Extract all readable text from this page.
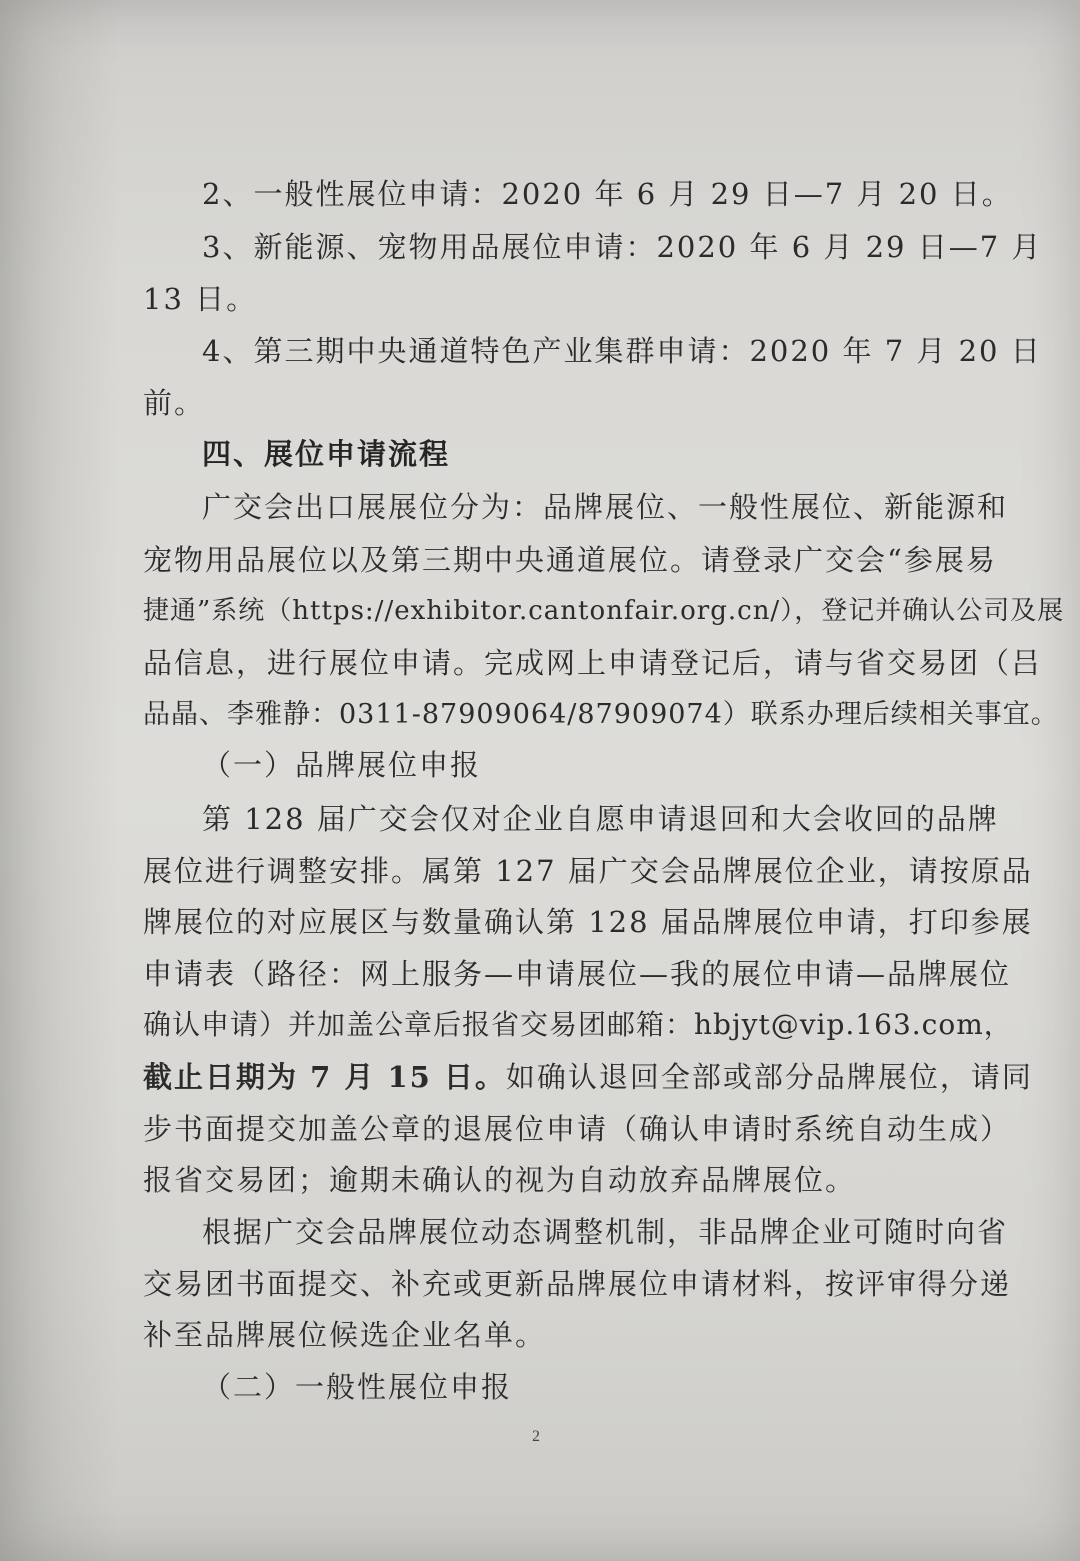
2、一般性展位申请：2020 年 6 月 29 日—7 月 20 日。
3、新能源、宠物用品展位申请：2020 年 6 月 29 日—7 月
13 日。
4、第三期中央通道特色产业集群申请：2020 年 7 月 20 日
前。
四、展位申请流程
广交会出口展展位分为：品牌展位、一般性展位、新能源和
宠物用品展位以及第三期中央通道展位。请登录广交会“参展易
捷通”系统（https://exhibitor.cantonfair.org.cn/），登记并确认公司及展
品信息，进行展位申请。完成网上申请登记后，请与省交易团（吕
品晶、李雅静：0311-87909064/87909074）联系办理后续相关事宜。
（一）品牌展位申报
第 128 届广交会仅对企业自愿申请退回和大会收回的品牌
展位进行调整安排。属第 127 届广交会品牌展位企业，请按原品
牌展位的对应展区与数量确认第 128 届品牌展位申请，打印参展
申请表（路径：网上服务—申请展位—我的展位申请—品牌展位
确认申请）并加盖公章后报省交易团邮箱：hbjyt@vip.163.com，
截止日期为 7 月 15 日。如确认退回全部或部分品牌展位，请同
步书面提交加盖公章的退展位申请（确认申请时系统自动生成）
报省交易团；逾期未确认的视为自动放弃品牌展位。
根据广交会品牌展位动态调整机制，非品牌企业可随时向省
交易团书面提交、补充或更新品牌展位申请材料，按评审得分递
补至品牌展位候选企业名单。
（二）一般性展位申报
2
